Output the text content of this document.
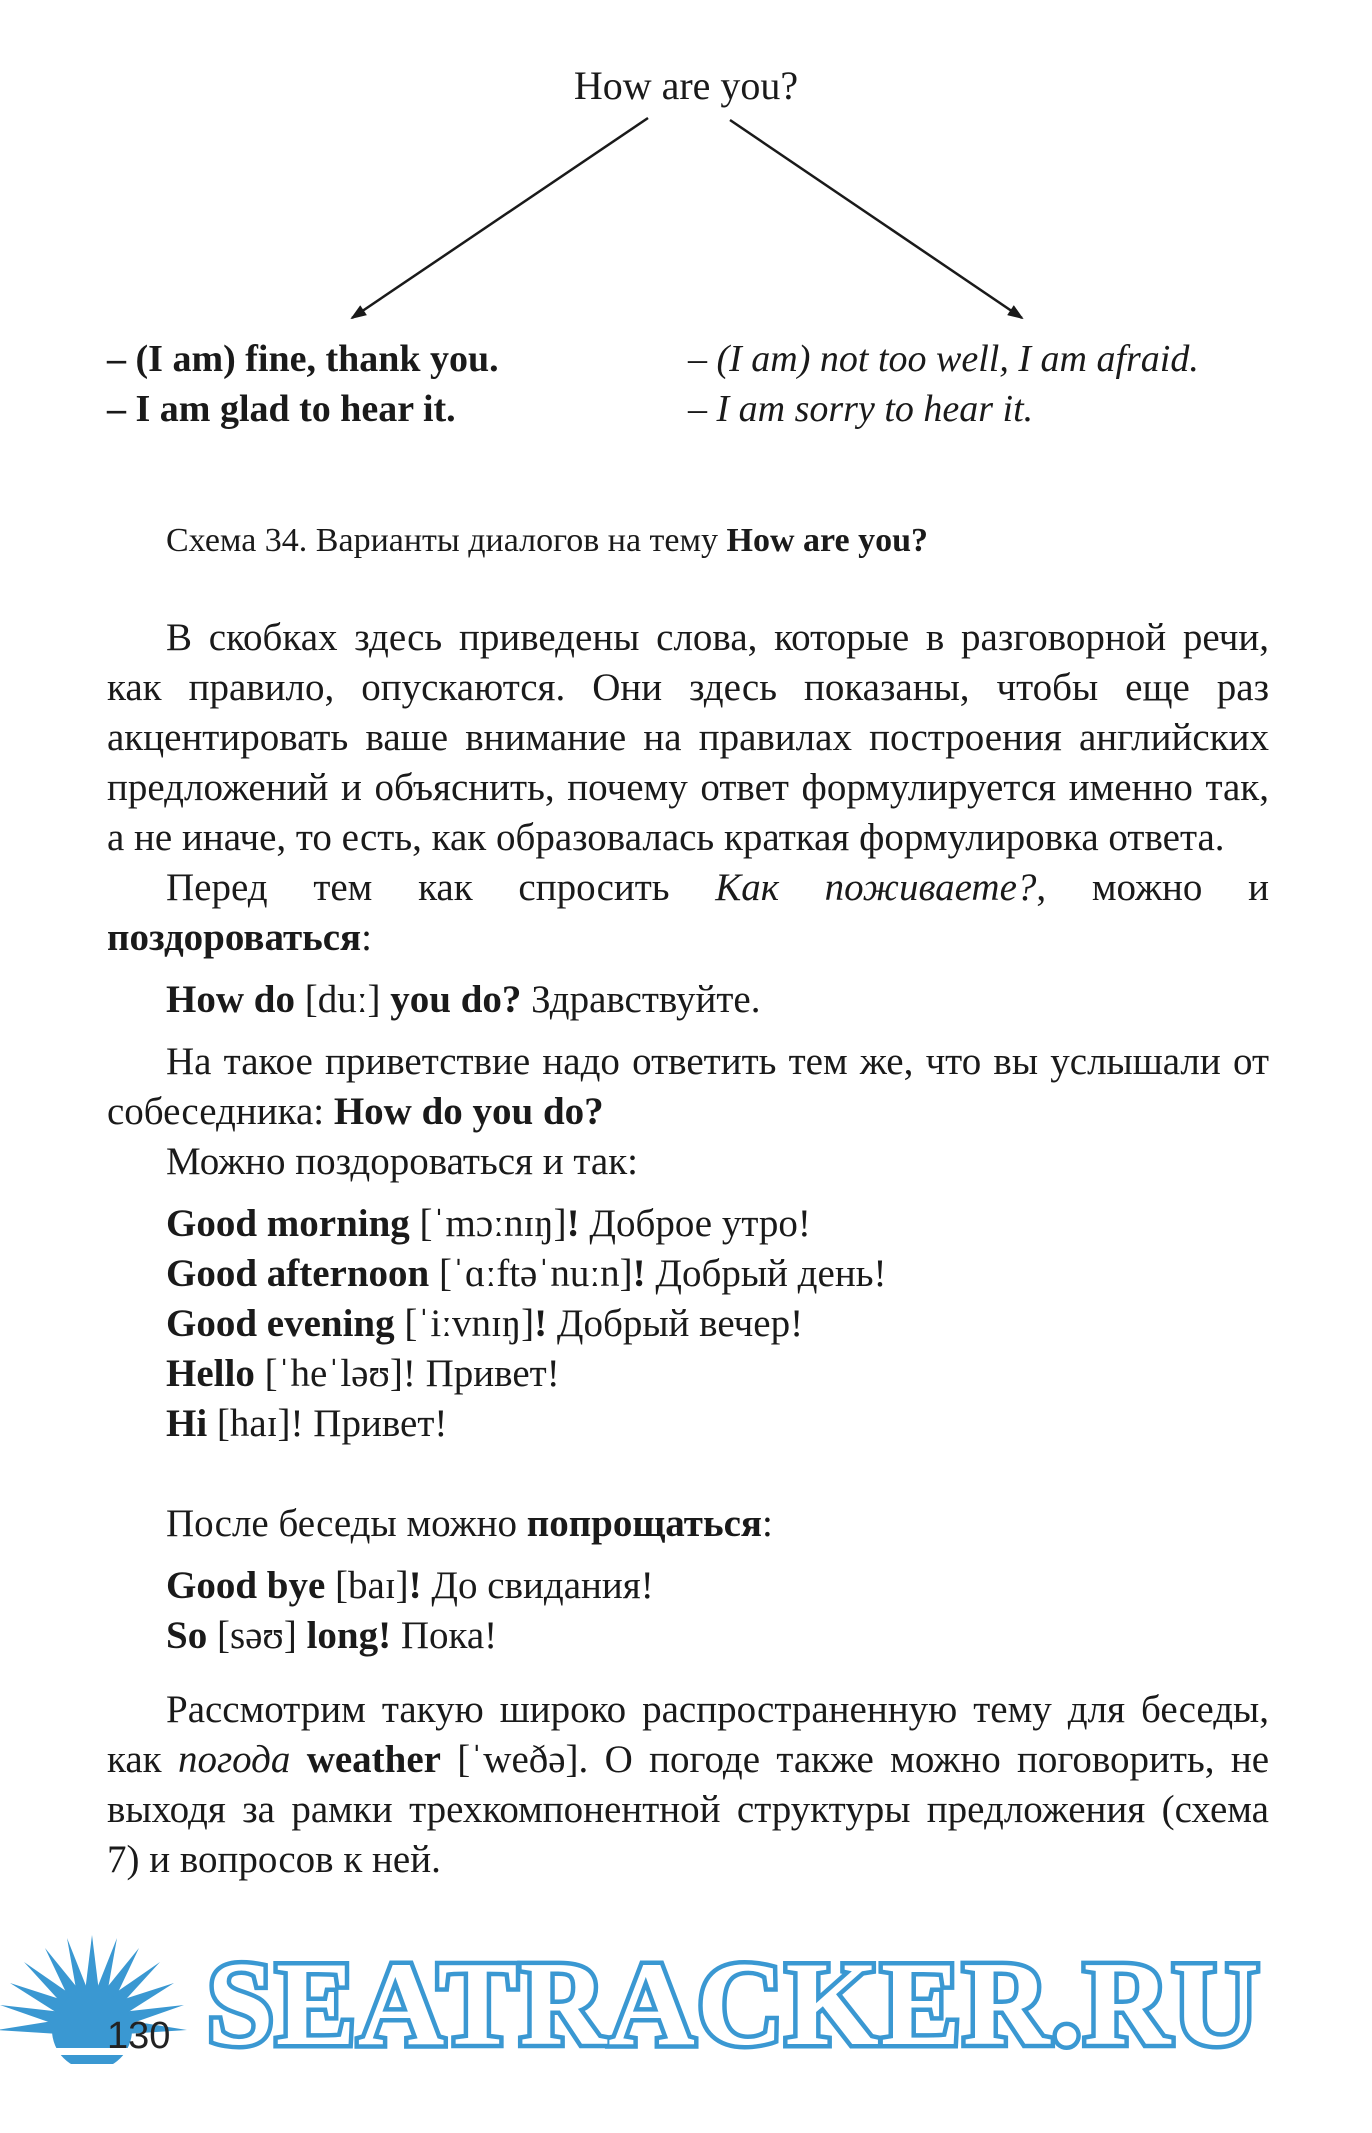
How are you?
– (I am) fine, thank you.
– I am glad to hear it.
– (I am) not too well, I am afraid.
– I am sorry to hear it.
Схема 34. Варианты диалогов на тему How are you?

В скобках здесь приведены слова, которые в разговорной речи, как правило, опускаются. Они здесь показаны, чтобы еще раз акцентировать ваше внимание на правилах построения английских предложений и объяснить, почему ответ формулируется именно так, а не иначе, то есть, как образовалась краткая формулировка ответа.

Перед тем как спросить Как поживаете?, можно и поздороваться:

How do [duː] you do? Здравствуйте.

На такое приветствие надо ответить тем же, что вы услышали от собеседника: How do you do?

Можно поздороваться и так:

Good morning [ˈmɔːnɪŋ]! Доброе утро!

Good afternoon [ˈɑːftəˈnuːn]! Добрый день!

Good evening [ˈiːvnɪŋ]! Добрый вечер!

Hello [ˈheˈləʊ]! Привет!

Hi [haɪ]! Привет!

После беседы можно попрощаться:

Good bye [baɪ]! До свидания!

So [səʊ] long! Пока!

Рассмотрим такую широко распространенную тему для беседы, как погода weather [ˈweðə]. О погоде также можно поговорить, не выходя за рамки трехкомпонентной структуры предложения (схема 7) и вопросов к ней.

SEATRACKER.RU
130
